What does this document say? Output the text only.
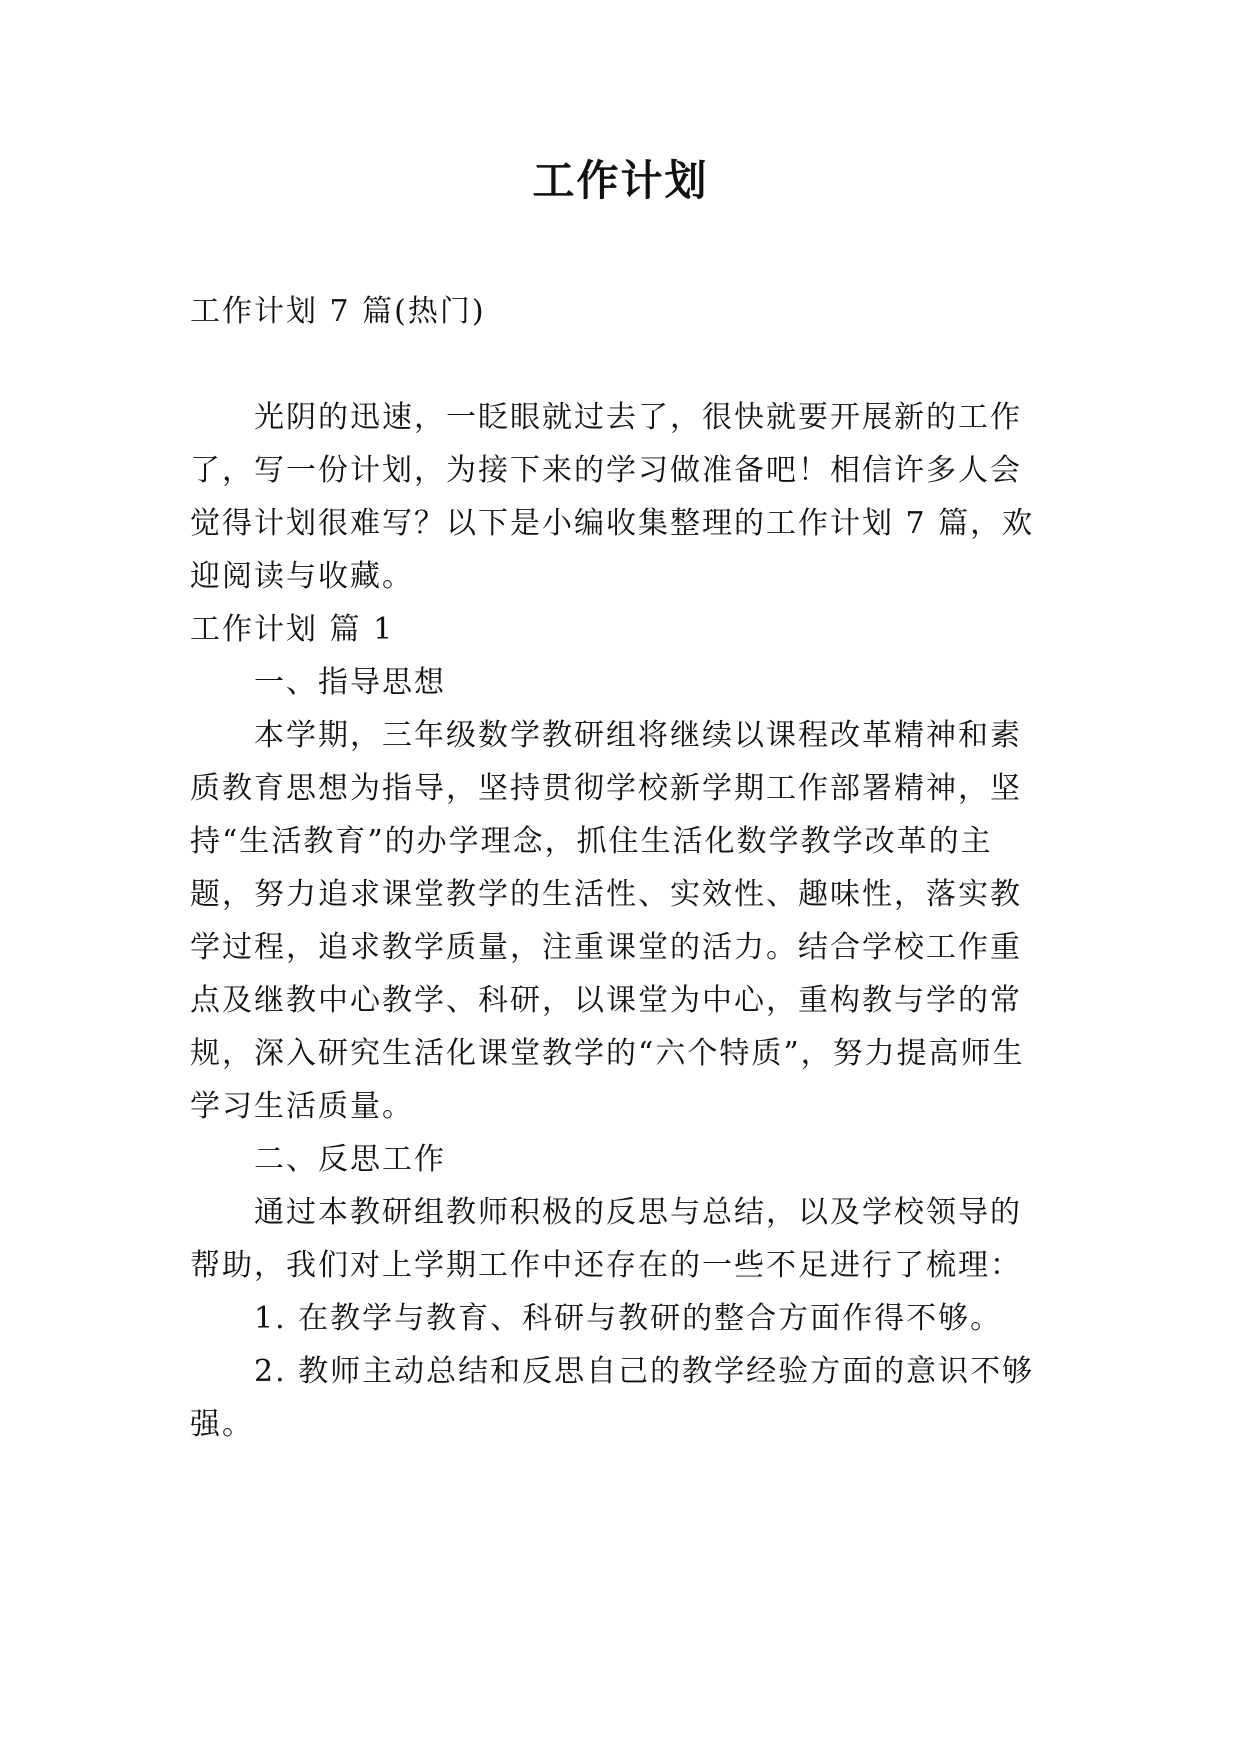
工作计划

工作计划 7 篇(热门)

光阴的迅速，一眨眼就过去了，很快就要开展新的工作了，写一份计划，为接下来的学习做准备吧！相信许多人会觉得计划很难写？以下是小编收集整理的工作计划 7 篇，欢迎阅读与收藏。

工作计划 篇 1

一、指导思想

本学期，三年级数学教研组将继续以课程改革精神和素质教育思想为指导，坚持贯彻学校新学期工作部署精神，坚持“生活教育”的办学理念，抓住生活化数学教学改革的主题，努力追求课堂教学的生活性、实效性、趣味性，落实教学过程，追求教学质量，注重课堂的活力。结合学校工作重点及继教中心教学、科研，以课堂为中心，重构教与学的常规，深入研究生活化课堂教学的“六个特质”，努力提高师生学习生活质量。

二、反思工作

通过本教研组教师积极的反思与总结，以及学校领导的帮助，我们对上学期工作中还存在的一些不足进行了梳理：

1. 在教学与教育、科研与教研的整合方面作得不够。

2. 教师主动总结和反思自己的教学经验方面的意识不够强。
